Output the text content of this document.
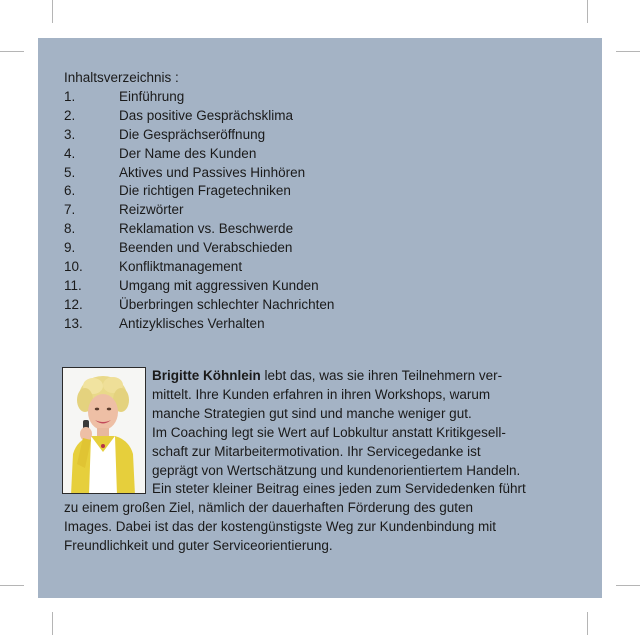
Inhaltsverzeichnis :
1.	Einführung
2.	Das positive Gesprächsklima
3.	Die Gesprächseröffnung
4.	Der Name des Kunden
5.	Aktives und Passives Hinhören
6.	Die richtigen Fragetechniken
7.	Reizwörter
8.	Reklamation vs. Beschwerde
9.	Beenden und Verabschieden
10.	Konfliktmanagement
11.	Umgang mit aggressiven Kunden
12.	Überbringen schlechter Nachrichten
13.	Antizyklisches Verhalten
Brigitte Köhnlein lebt das, was sie ihren Teilnehmern ver-
mittelt. Ihre Kunden erfahren in ihren Workshops, warum
manche Strategien gut sind und manche weniger gut.
Im Coaching legt sie Wert auf Lobkultur anstatt Kritikgesell-
schaft zur Mitarbeitermotivation. Ihr Servicegedanke ist
geprägt von Wertschätzung und kundenorientiertem Handeln.
Ein steter kleiner Beitrag eines jeden zum Servidedenken führt
zu einem großen Ziel, nämlich der dauerhaften Förderung des guten
Images. Dabei ist das der kostengünstigste Weg zur Kundenbindung mit
Freundlichkeit und guter Serviceorientierung.
